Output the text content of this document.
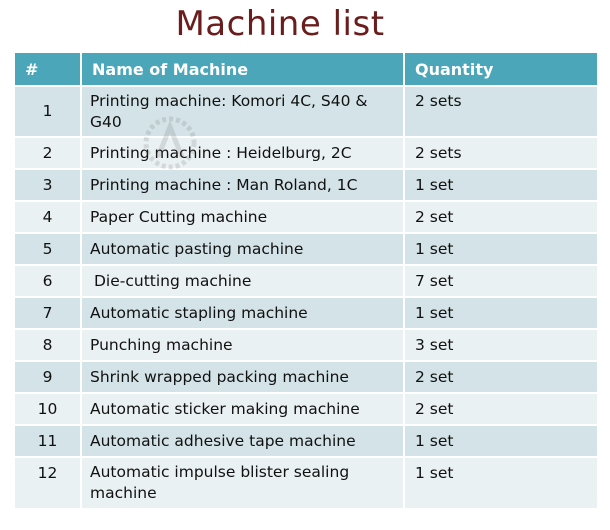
Machine list
#	Name of Machine	Quantity
1	Printing machine: Komori 4C, S40 & G40	2 sets
2	Printing machine : Heidelburg, 2C	2 sets
3	Printing machine : Man Roland, 1C	1 set
4	Paper Cutting machine	2 set
5	Automatic pasting machine	1 set
6	Die-cutting machine	7 set
7	Automatic stapling machine	1 set
8	Punching machine	3 set
9	Shrink wrapped packing machine	2 set
10	Automatic sticker making machine	2 set
11	Automatic adhesive tape machine	1 set
12	Automatic impulse blister sealing machine	1 set
